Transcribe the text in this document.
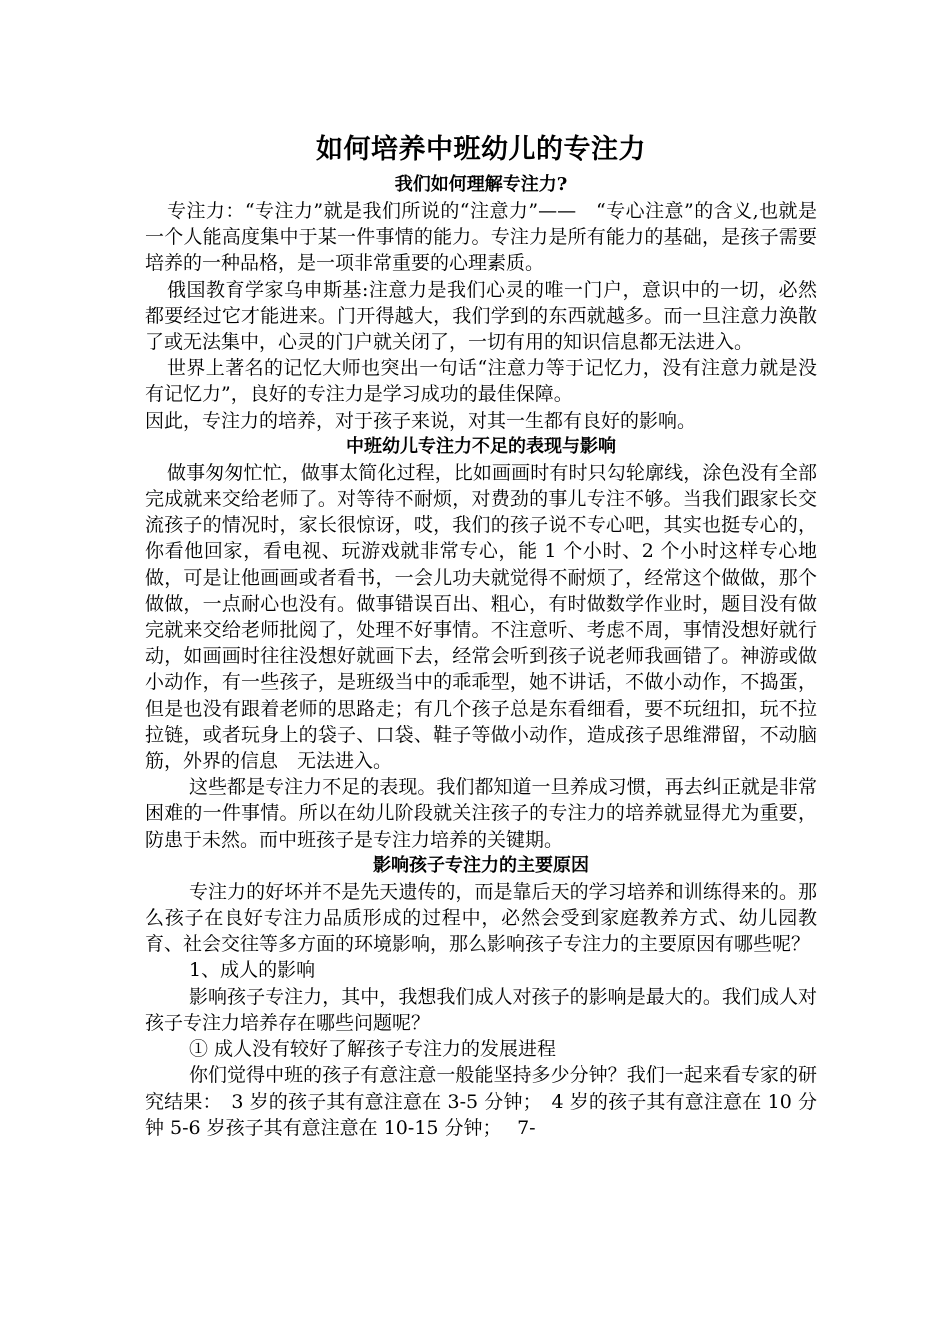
如何培养中班幼儿的专注力
我们如何理解专注力?

专注力：“专注力”就是我们所说的“注意力”——　“专心注意”的含义,也就是一个人能高度集中于某一件事情的能力。专注力是所有能力的基础，是孩子需要培养的一种品格，是一项非常重要的心理素质。

俄国教育学家乌申斯基:注意力是我们心灵的唯一门户，意识中的一切，必然都要经过它才能进来。门开得越大，我们学到的东西就越多。而一旦注意力涣散了或无法集中，心灵的门户就关闭了，一切有用的知识信息都无法进入。

世界上著名的记忆大师也突出一句话“注意力等于记忆力，没有注意力就是没有记忆力”，良好的专注力是学习成功的最佳保障。

因此，专注力的培养，对于孩子来说，对其一生都有良好的影响。

中班幼儿专注力不足的表现与影响

做事匆匆忙忙，做事太简化过程，比如画画时有时只勾轮廓线，涂色没有全部完成就来交给老师了。对等待不耐烦，对费劲的事儿专注不够。当我们跟家长交流孩子的情况时，家长很惊讶，哎，我们的孩子说不专心吧，其实也挺专心的，你看他回家，看电视、玩游戏就非常专心，能 1 个小时、2 个小时这样专心地做，可是让他画画或者看书，一会儿功夫就觉得不耐烦了，经常这个做做，那个做做，一点耐心也没有。做事错误百出、粗心，有时做数学作业时，题目没有做完就来交给老师批阅了，处理不好事情。不注意听、考虑不周，事情没想好就行动，如画画时往往没想好就画下去，经常会听到孩子说老师我画错了。神游或做小动作，有一些孩子，是班级当中的乖乖型，她不讲话，不做小动作，不捣蛋，但是也没有跟着老师的思路走；有几个孩子总是东看细看，要不玩纽扣，玩不拉拉链，或者玩身上的袋子、口袋、鞋子等做小动作，造成孩子思维滞留，不动脑筋，外界的信息　无法进入。

这些都是专注力不足的表现。我们都知道一旦养成习惯，再去纠正就是非常困难的一件事情。所以在幼儿阶段就关注孩子的专注力的培养就显得尤为重要，防患于未然。而中班孩子是专注力培养的关键期。

影响孩子专注力的主要原因

专注力的好坏并不是先天遗传的，而是靠后天的学习培养和训练得来的。那么孩子在良好专注力品质形成的过程中，必然会受到家庭教养方式、幼儿园教育、社会交往等多方面的环境影响，那么影响孩子专注力的主要原因有哪些呢？

1、成人的影响

影响孩子专注力，其中，我想我们成人对孩子的影响是最大的。我们成人对孩子专注力培养存在哪些问题呢？

① 成人没有较好了解孩子专注力的发展进程

你们觉得中班的孩子有意注意一般能坚持多少分钟？我们一起来看专家的研究结果：　3 岁的孩子其有意注意在 3-5 分钟；　4 岁的孩子其有意注意在 10 分钟 5-6 岁孩子其有意注意在 10-15 分钟；　 7-
